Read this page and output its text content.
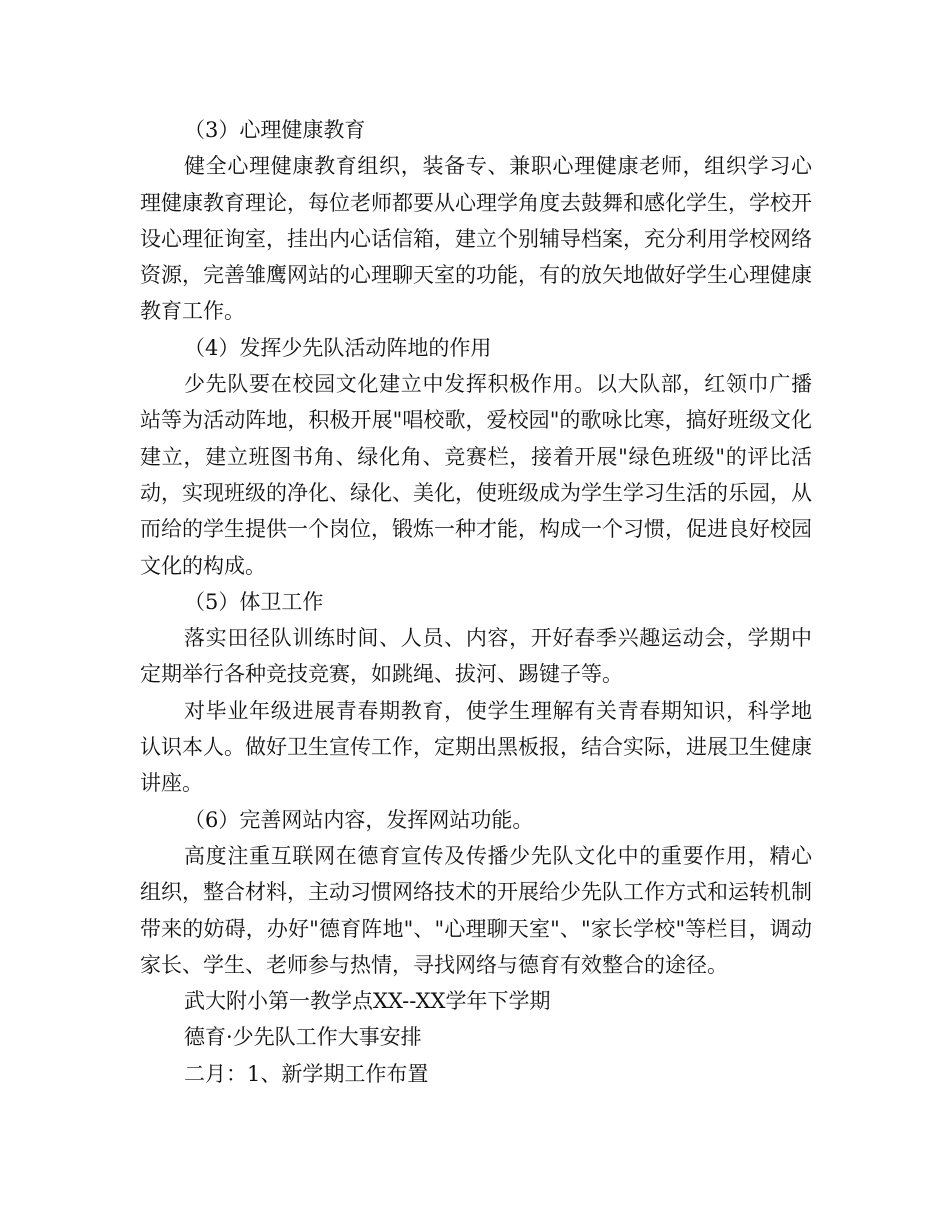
（3）心理健康教育

健全心理健康教育组织，装备专、兼职心理健康老师，组织学习心理健康教育理论，每位老师都要从心理学角度去鼓舞和感化学生，学校开设心理征询室，挂出内心话信箱，建立个别辅导档案，充分利用学校网络资源，完善雏鹰网站的心理聊天室的功能，有的放矢地做好学生心理健康教育工作。

（4）发挥少先队活动阵地的作用

少先队要在校园文化建立中发挥积极作用。以大队部，红领巾广播站等为活动阵地，积极开展"唱校歌，爱校园"的歌咏比寒，搞好班级文化建立，建立班图书角、绿化角、竞赛栏，接着开展"绿色班级"的评比活动，实现班级的净化、绿化、美化，使班级成为学生学习生活的乐园，从而给的学生提供一个岗位，锻炼一种才能，构成一个习惯，促进良好校园文化的构成。

（5）体卫工作

落实田径队训练时间、人员、内容，开好春季兴趣运动会，学期中定期举行各种竞技竞赛，如跳绳、拔河、踢键子等。

对毕业年级进展青春期教育，使学生理解有关青春期知识，科学地认识本人。做好卫生宣传工作，定期出黑板报，结合实际，进展卫生健康讲座。

（6）完善网站内容，发挥网站功能。

高度注重互联网在德育宣传及传播少先队文化中的重要作用，精心组织，整合材料，主动习惯网络技术的开展给少先队工作方式和运转机制带来的妨碍，办好"德育阵地"、"心理聊天室"、"家长学校"等栏目，调动家长、学生、老师参与热情，寻找网络与德育有效整合的途径。

武大附小第一教学点XX--XX学年下学期

德育·少先队工作大事安排

二月：1、新学期工作布置
